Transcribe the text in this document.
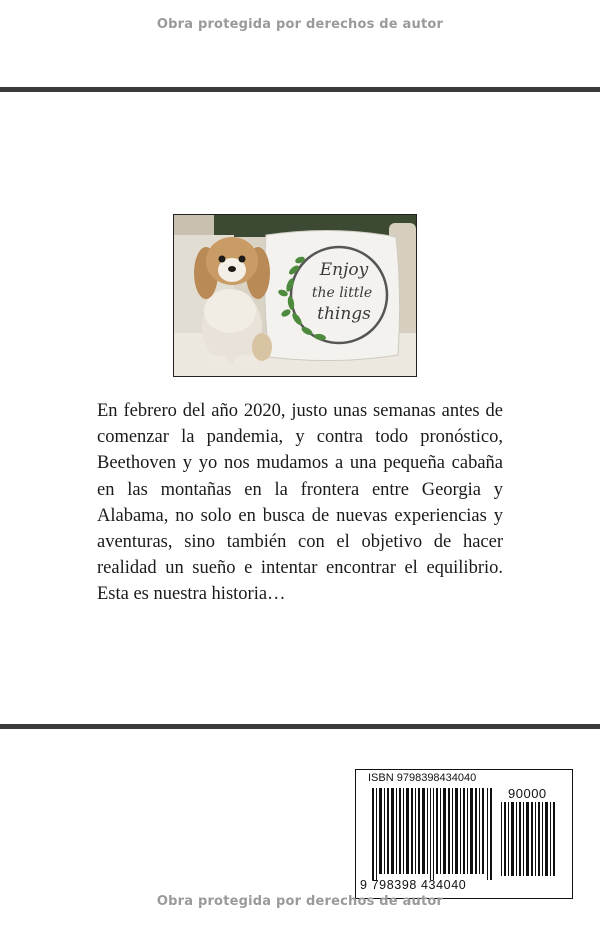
Obra protegida por derechos de autor
Enjoy
the little
things

En febrero del año 2020, justo unas semanas antes de comenzar la pandemia, y contra todo pronóstico, Beethoven y yo nos mudamos a una pequeña cabaña en las montañas en la frontera entre Georgia y Alabama, no solo en busca de nuevas experiencias y aventuras, sino también con el objetivo de hacer realidad un sueño e intentar encontrar el equilibrio. Esta es nuestra historia…

ISBN 9798398434040
90000
9 798398 434040
Obra protegida por derechos de autor
